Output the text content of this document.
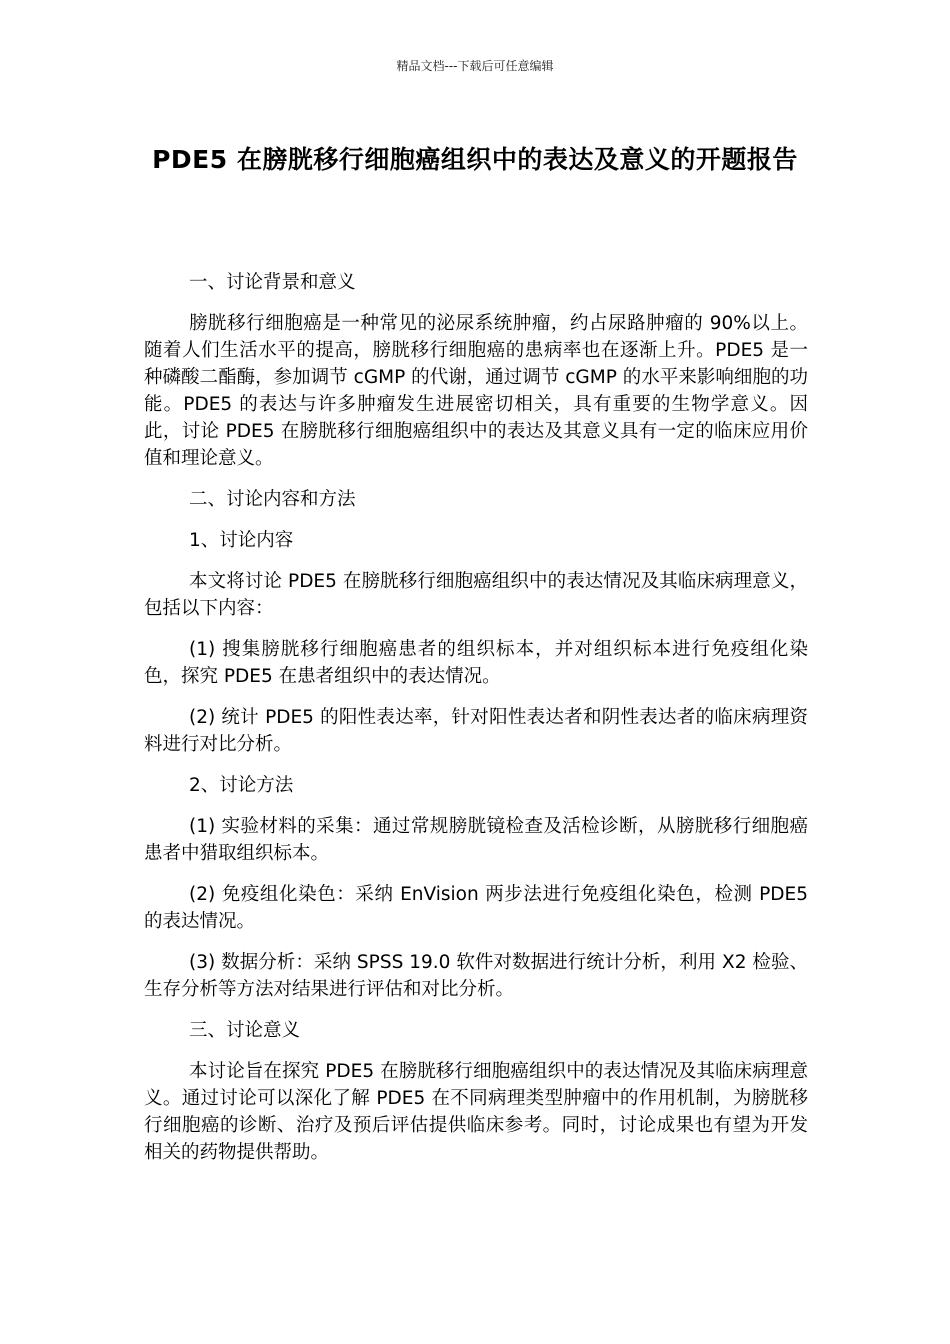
精品文档---下载后可任意编辑
PDE5 在膀胱移行细胞癌组织中的表达及意义的开题报告

一、讨论背景和意义

膀胱移行细胞癌是一种常见的泌尿系统肿瘤，约占尿路肿瘤的 90%以上。随着人们生活水平的提高，膀胱移行细胞癌的患病率也在逐渐上升。PDE5 是一种磷酸二酯酶，参加调节 cGMP 的代谢，通过调节 cGMP 的水平来影响细胞的功能。PDE5 的表达与许多肿瘤发生进展密切相关，具有重要的生物学意义。因此，讨论 PDE5 在膀胱移行细胞癌组织中的表达及其意义具有一定的临床应用价值和理论意义。

二、讨论内容和方法

1、讨论内容

本文将讨论 PDE5 在膀胱移行细胞癌组织中的表达情况及其临床病理意义，包括以下内容：

(1) 搜集膀胱移行细胞癌患者的组织标本，并对组织标本进行免疫组化染色，探究 PDE5 在患者组织中的表达情况。

(2) 统计 PDE5 的阳性表达率，针对阳性表达者和阴性表达者的临床病理资料进行对比分析。

2、讨论方法

(1) 实验材料的采集：通过常规膀胱镜检查及活检诊断，从膀胱移行细胞癌患者中猎取组织标本。

(2) 免疫组化染色：采纳 EnVision 两步法进行免疫组化染色，检测 PDE5 的表达情况。

(3) 数据分析：采纳 SPSS 19.0 软件对数据进行统计分析，利用 X2 检验、生存分析等方法对结果进行评估和对比分析。

三、讨论意义

本讨论旨在探究 PDE5 在膀胱移行细胞癌组织中的表达情况及其临床病理意义。通过讨论可以深化了解 PDE5 在不同病理类型肿瘤中的作用机制，为膀胱移行细胞癌的诊断、治疗及预后评估提供临床参考。同时，讨论成果也有望为开发相关的药物提供帮助。
